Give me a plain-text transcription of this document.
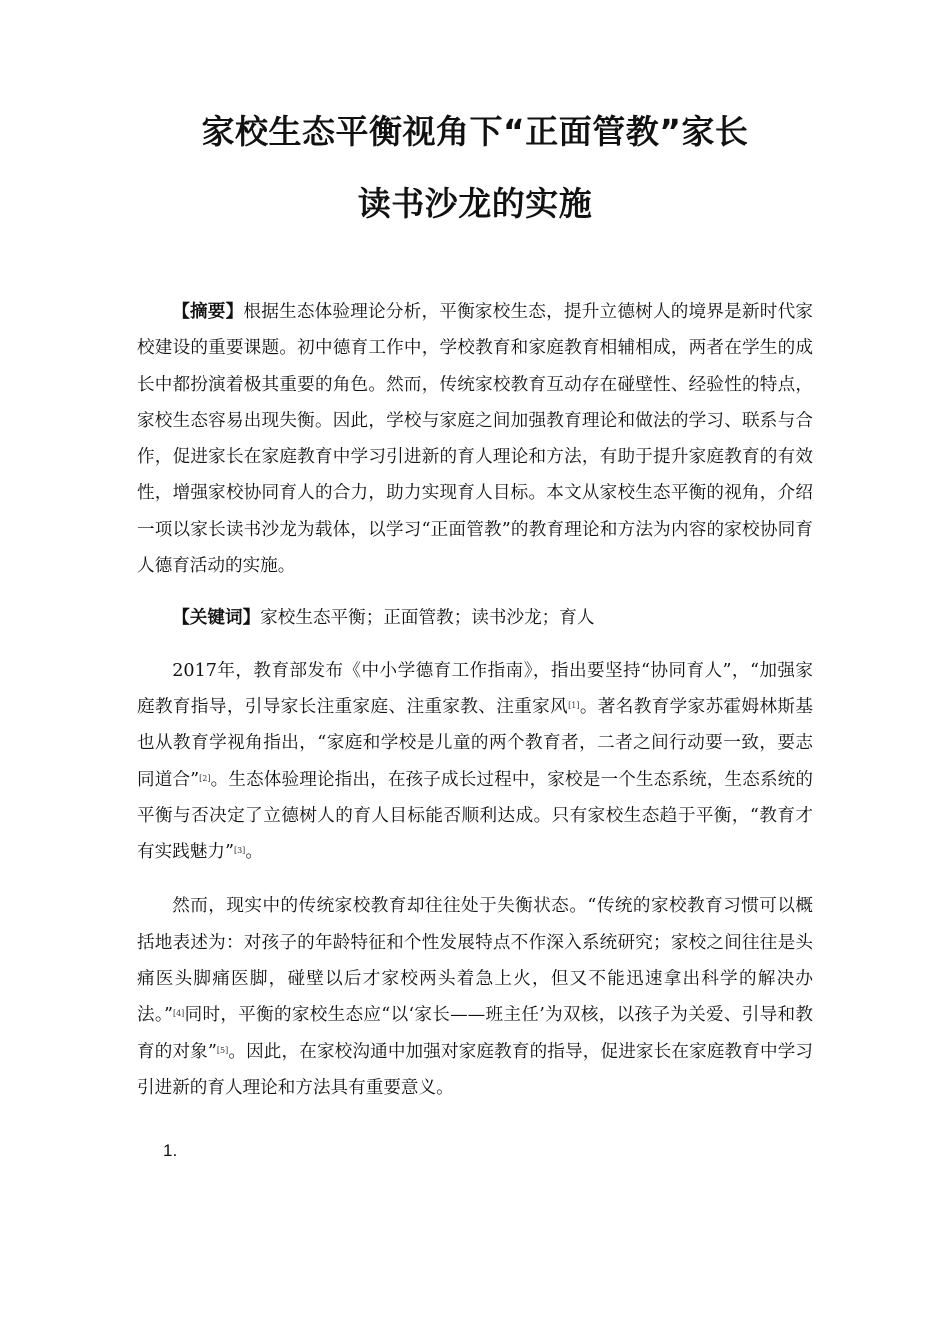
家校生态平衡视角下“正面管教”家长
读书沙龙的实施

【摘要】根据生态体验理论分析，平衡家校生态，提升立德树人的境界是新时代家校建设的重要课题。初中德育工作中，学校教育和家庭教育相辅相成，两者在学生的成长中都扮演着极其重要的角色。然而，传统家校教育互动存在碰壁性、经验性的特点，家校生态容易出现失衡。因此，学校与家庭之间加强教育理论和做法的学习、联系与合作，促进家长在家庭教育中学习引进新的育人理论和方法，有助于提升家庭教育的有效性，增强家校协同育人的合力，助力实现育人目标。本文从家校生态平衡的视角，介绍一项以家长读书沙龙为载体，以学习“正面管教”的教育理论和方法为内容的家校协同育人德育活动的实施。

【关键词】家校生态平衡；正面管教；读书沙龙；育人

2017年，教育部发布《中小学德育工作指南》，指出要坚持“协同育人”，“加强家庭教育指导，引导家长注重家庭、注重家教、注重家风[1]。著名教育学家苏霍姆林斯基也从教育学视角指出，“家庭和学校是儿童的两个教育者，二者之间行动要一致，要志同道合”[2]。生态体验理论指出，在孩子成长过程中，家校是一个生态系统，生态系统的平衡与否决定了立德树人的育人目标能否顺利达成。只有家校生态趋于平衡，“教育才有实践魅力”[3]。

然而，现实中的传统家校教育却往往处于失衡状态。“传统的家校教育习惯可以概括地表述为：对孩子的年龄特征和个性发展特点不作深入系统研究；家校之间往往是头痛医头脚痛医脚，碰壁以后才家校两头着急上火，但又不能迅速拿出科学的解决办法。”[4]同时，平衡的家校生态应“以‘家长——班主任’为双核，以孩子为关爱、引导和教育的对象”[5]。因此，在家校沟通中加强对家庭教育的指导，促进家长在家庭教育中学习引进新的育人理论和方法具有重要意义。

1.
